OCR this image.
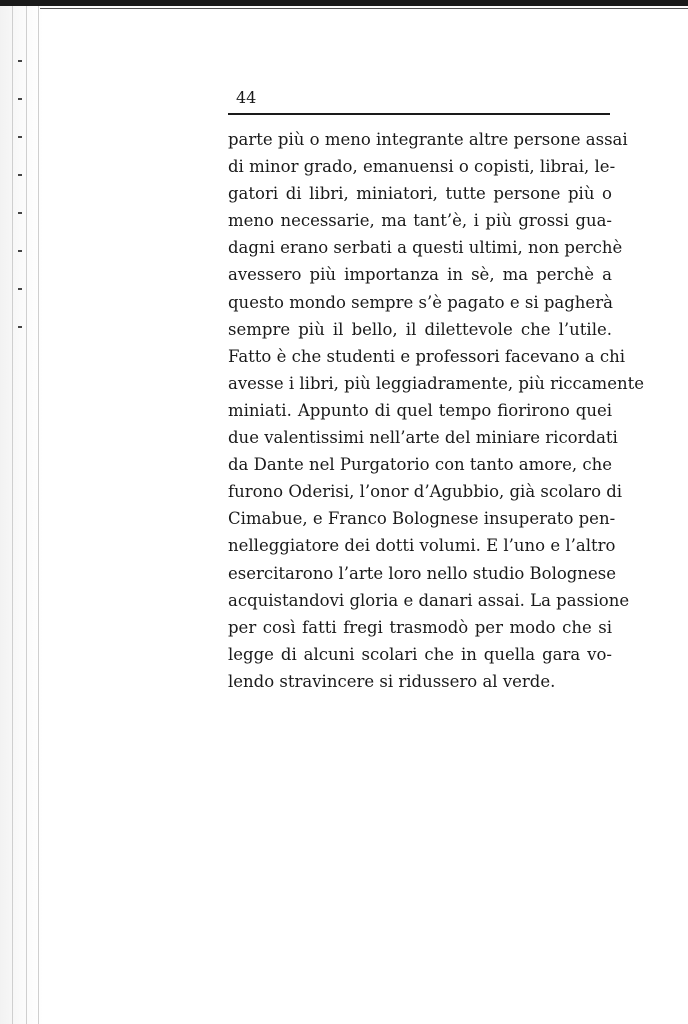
44

parte più o meno integrante altre persone assai
di minor grado, emanuensi o copisti, librai, le-
gatori di libri, miniatori, tutte persone più o
meno necessarie, ma tant’è, i più grossi gua-
dagni erano serbati a questi ultimi, non perchè
avessero più importanza in sè, ma perchè a
questo mondo sempre s’è pagato e si pagherà
sempre più il bello, il dilettevole che l’utile.
Fatto è che studenti e professori facevano a chi
avesse i libri, più leggiadramente, più riccamente
miniati. Appunto di quel tempo fiorirono quei
due valentissimi nell’arte del miniare ricordati
da Dante nel Purgatorio con tanto amore, che
furono Oderisi, l’onor d’Agubbio, già scolaro di
Cimabue, e Franco Bolognese insuperato pen-
nelleggiatore dei dotti volumi. E l’uno e l’altro
esercitarono l’arte loro nello studio Bolognese
acquistandovi gloria e danari assai. La passione
per così fatti fregi trasmodò per modo che si
legge di alcuni scolari che in quella gara vo-
lendo stravincere si ridussero al verde.
